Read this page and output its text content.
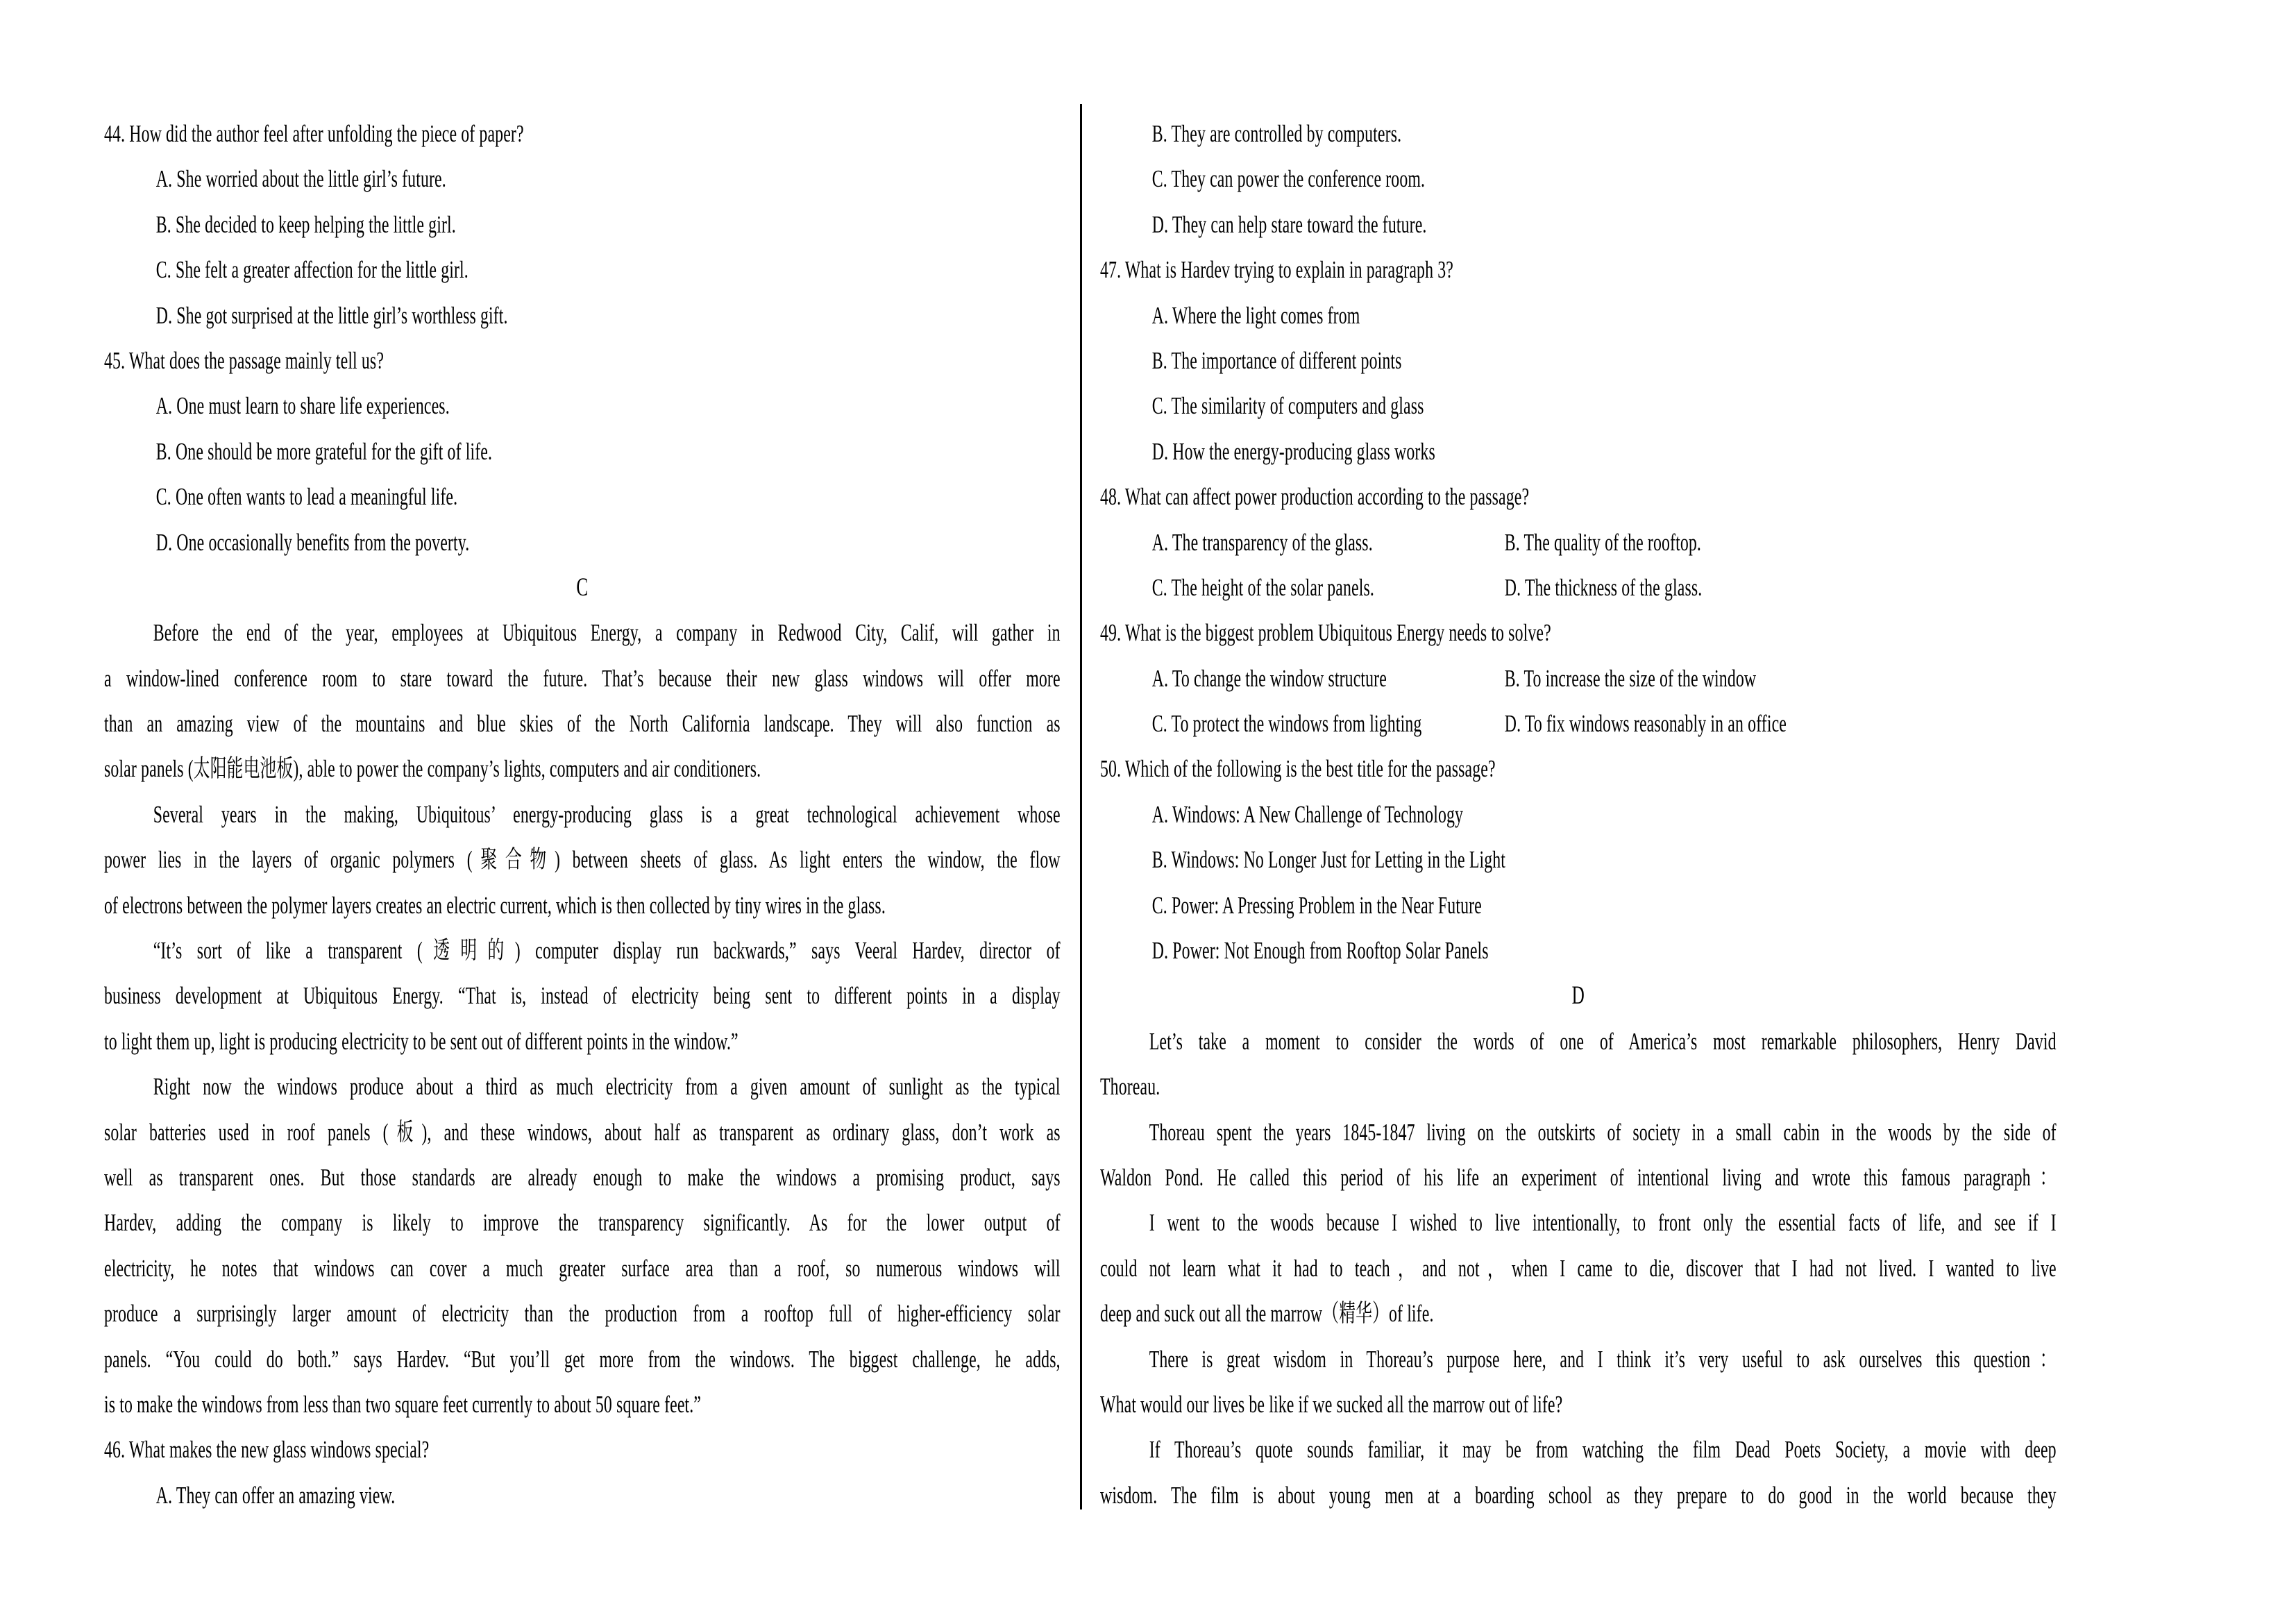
44. How did the author feel after unfolding the piece of paper?
A. She worried about the little girl’s future.
B. She decided to keep helping the little girl.
C. She felt a greater affection for the little girl.
D. She got surprised at the little girl’s worthless gift.
45. What does the passage mainly tell us?
A. One must learn to share life experiences.
B. One should be more grateful for the gift of life.
C. One often wants to lead a meaningful life.
D. One occasionally benefits from the poverty.
C
Before the end of the year, employees at Ubiquitous Energy, a company in Redwood City, Calif, will gather in
a window-lined conference room to stare toward the future. That’s because their new glass windows will offer more
than an amazing view of the mountains and blue skies of the North California landscape. They will also function as
solar panels (太阳能电池板), able to power the company’s lights, computers and air conditioners.
Several years in the making, Ubiquitous’ energy-producing glass is a great technological achievement whose
power lies in the layers of organic polymers (聚合物) between sheets of glass. As light enters the window, the flow
of electrons between the polymer layers creates an electric current, which is then collected by tiny wires in the glass.
“It’s sort of like a transparent (透明的) computer display run backwards,” says Veeral Hardev, director of
business development at Ubiquitous Energy. “That is, instead of electricity being sent to different points in a display
to light them up, light is producing electricity to be sent out of different points in the window.”
Right now the windows produce about a third as much electricity from a given amount of sunlight as the typical
solar batteries used in roof panels (板), and these windows, about half as transparent as ordinary glass, don’t work as
well as transparent ones. But those standards are already enough to make the windows a promising product, says
Hardev, adding the company is likely to improve the transparency significantly. As for the lower output of
electricity, he notes that windows can cover a much greater surface area than a roof, so numerous windows will
produce a surprisingly larger amount of electricity than the production from a rooftop full of higher-efficiency solar
panels. “You could do both.” says Hardev. “But you’ll get more from the windows. The biggest challenge, he adds,
is to make the windows from less than two square feet currently to about 50 square feet.”
46. What makes the new glass windows special?
A. They can offer an amazing view.
B. They are controlled by computers.
C. They can power the conference room.
D. They can help stare toward the future.
47. What is Hardev trying to explain in paragraph 3?
A. Where the light comes from
B. The importance of different points
C. The similarity of computers and glass
D. How the energy-producing glass works
48. What can affect power production according to the passage?
A. The transparency of the glass.	B. The quality of the rooftop.
C. The height of the solar panels.	D. The thickness of the glass.
49. What is the biggest problem Ubiquitous Energy needs to solve?
A. To change the window structure	B. To increase the size of the window
C. To protect the windows from lighting	D. To fix windows reasonably in an office
50. Which of the following is the best title for the passage?
A. Windows: A New Challenge of Technology
B. Windows: No Longer Just for Letting in the Light
C. Power: A Pressing Problem in the Near Future
D. Power: Not Enough from Rooftop Solar Panels
D
Let’s take a moment to consider the words of one of America’s most remarkable philosophers, Henry David
Thoreau.
Thoreau spent the years 1845-1847 living on the outskirts of society in a small cabin in the woods by the side of
Waldon Pond. He called this period of his life an experiment of intentional living and wrote this famous paragraph：
I went to the woods because I wished to live intentionally, to front only the essential facts of life, and see if I
could not learn what it had to teach，and not，when I came to die, discover that I had not lived. I wanted to live
deep and suck out all the marrow（精华）of life.
There is great wisdom in Thoreau’s purpose here, and I think it’s very useful to ask ourselves this question：
What would our lives be like if we sucked all the marrow out of life?
If Thoreau’s quote sounds familiar, it may be from watching the film Dead Poets Society, a movie with deep
wisdom. The film is about young men at a boarding school as they prepare to do good in the world because they
